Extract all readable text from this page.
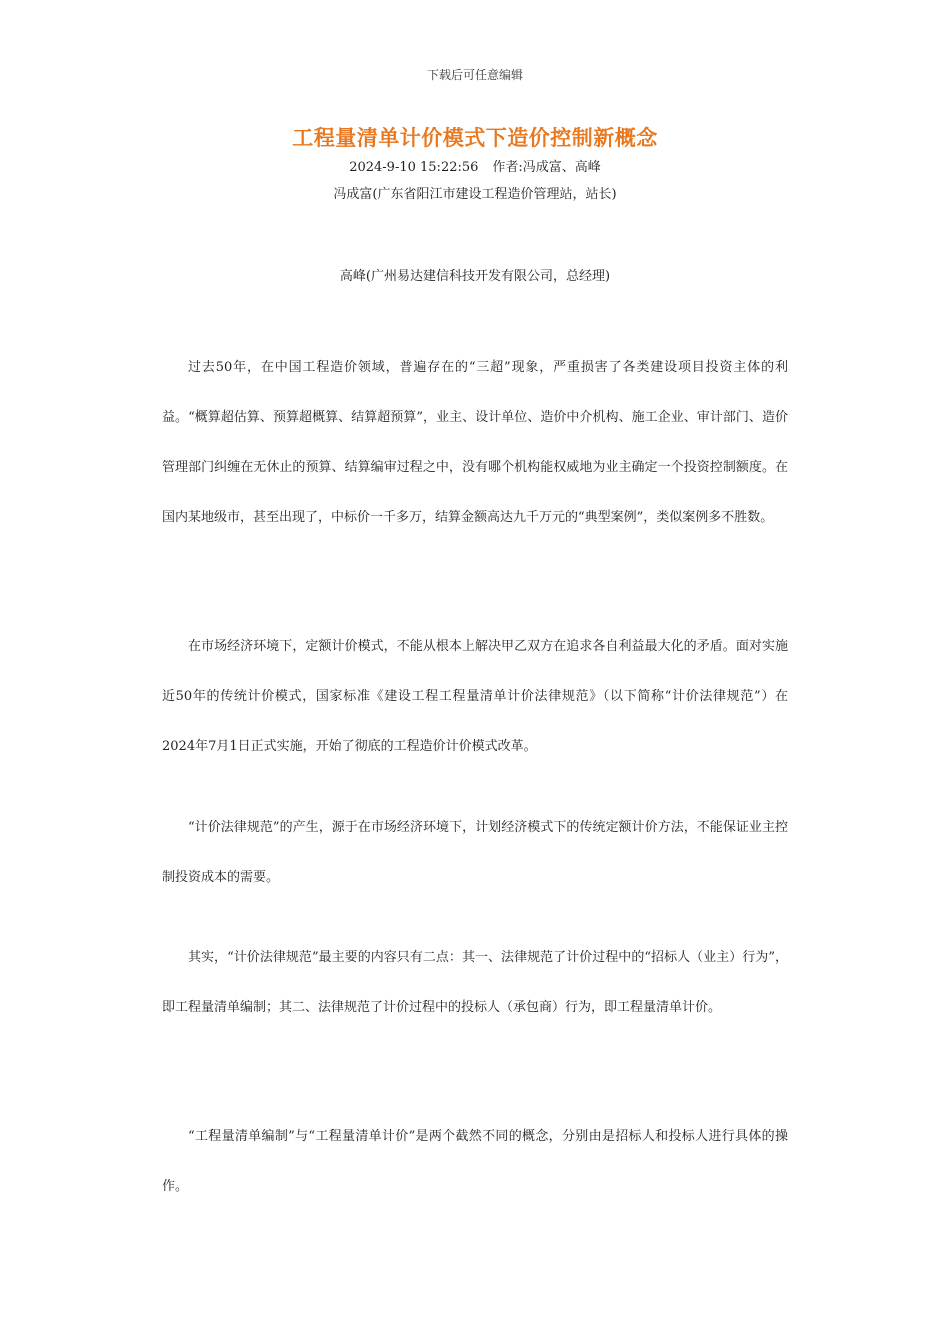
下载后可任意编辑
工程量清单计价模式下造价控制新概念
2024-9-10 15:22:56 作者:冯成富、高峰
冯成富(广东省阳江市建设工程造价管理站，站长)
高峰(广州易达建信科技开发有限公司，总经理)

过去50年，在中国工程造价领域，普遍存在的“三超”现象，严重损害了各类建设项目投资主体的利益。“概算超估算、预算超概算、结算超预算”，业主、设计单位、造价中介机构、施工企业、审计部门、造价管理部门纠缠在无休止的预算、结算编审过程之中，没有哪个机构能权威地为业主确定一个投资控制额度。在国内某地级市，甚至出现了，中标价一千多万，结算金额高达九千万元的“典型案例”，类似案例多不胜数。

在市场经济环境下，定额计价模式，不能从根本上解决甲乙双方在追求各自利益最大化的矛盾。面对实施近50年的传统计价模式，国家标准《建设工程工程量清单计价法律规范》（以下简称“计价法律规范”）在2024年7月1日正式实施，开始了彻底的工程造价计价模式改革。

“计价法律规范”的产生，源于在市场经济环境下，计划经济模式下的传统定额计价方法，不能保证业主控制投资成本的需要。

其实，“计价法律规范”最主要的内容只有二点：其一、法律规范了计价过程中的“招标人（业主）行为”，即工程量清单编制；其二、法律规范了计价过程中的投标人（承包商）行为，即工程量清单计价。

“工程量清单编制”与“工程量清单计价”是两个截然不同的概念，分别由是招标人和投标人进行具体的操作。
